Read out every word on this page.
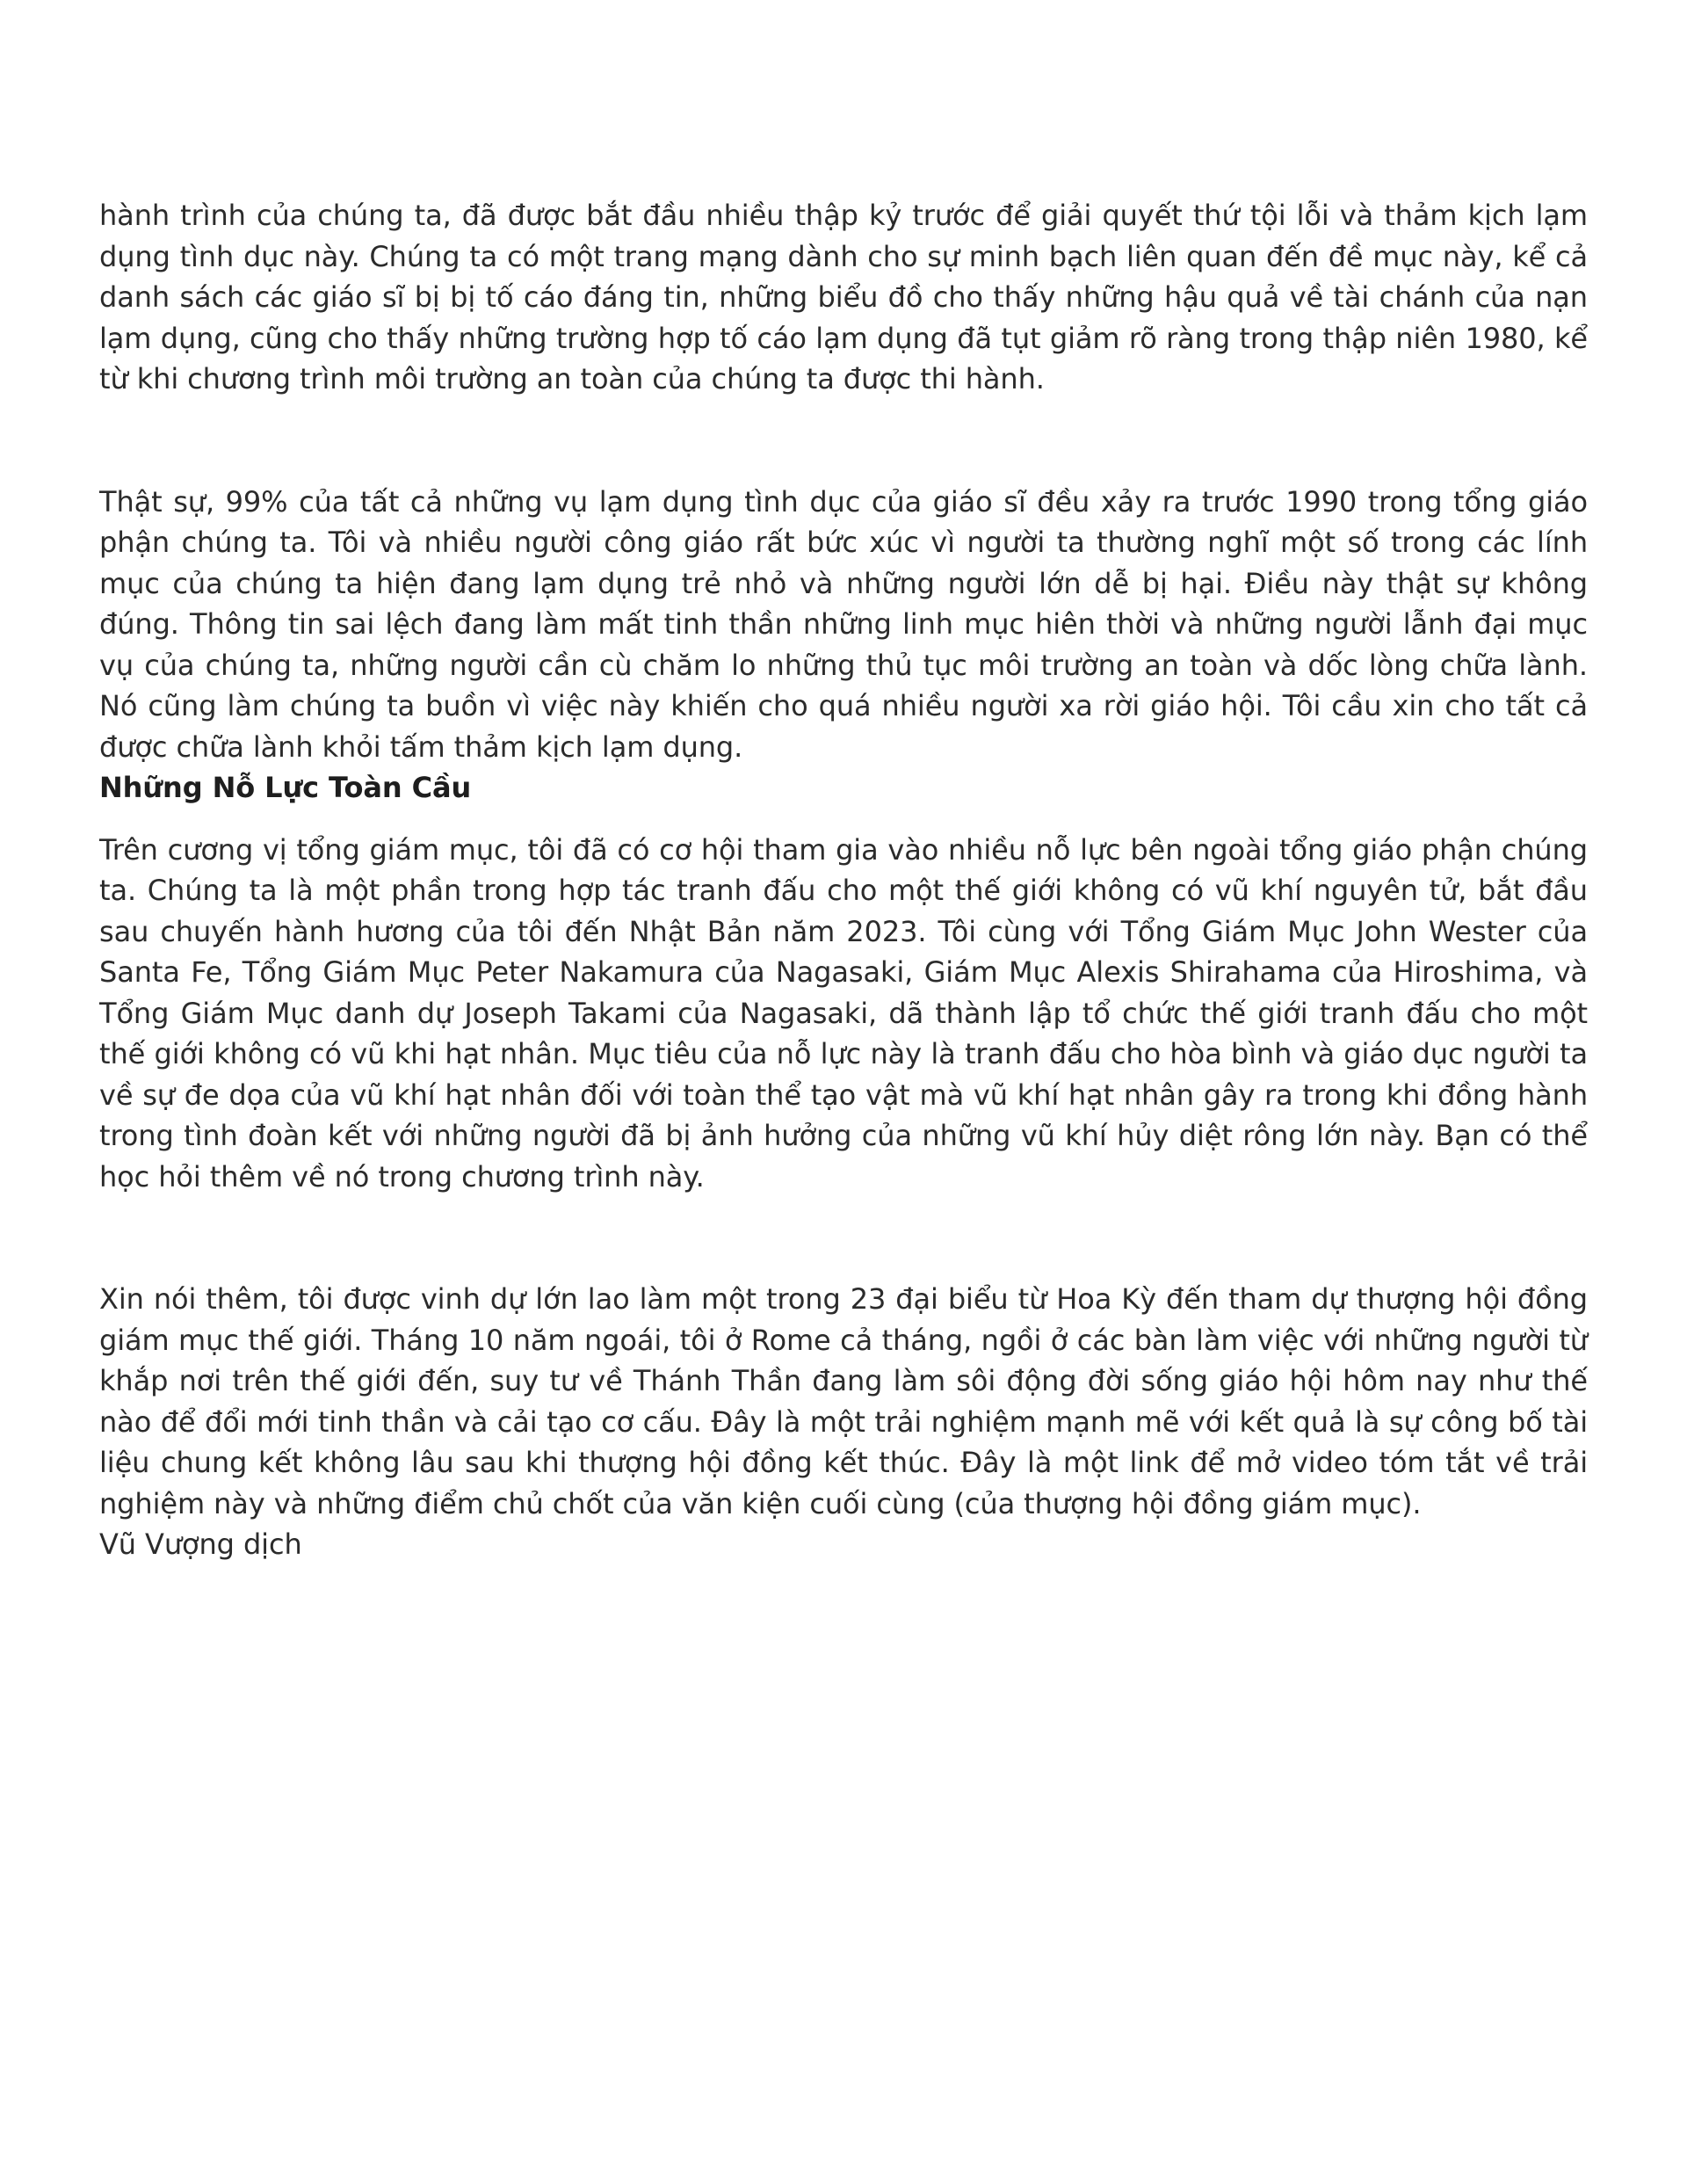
hành trình của chúng ta, đã được bắt đầu nhiều thập kỷ trước để giải quyết thứ tội lỗi và thảm kịch lạm dụng tình dục này. Chúng ta có một trang mạng dành cho sự minh bạch liên quan đến đề mục này, kể cả danh sách các giáo sĩ bị bị tố cáo đáng tin, những biểu đồ cho thấy những hậu quả về tài chánh của nạn lạm dụng, cũng cho thấy những trường hợp tố cáo lạm dụng đã tụt giảm rõ ràng trong thập niên 1980, kể từ khi chương trình môi trường an toàn của chúng ta được thi hành.

Thật sự, 99% của tất cả những vụ lạm dụng tình dục của giáo sĩ đều xảy ra trước 1990 trong tổng giáo phận chúng ta. Tôi và nhiều người công giáo rất bức xúc vì người ta thường nghĩ một số trong các lính mục của chúng ta hiện đang lạm dụng trẻ nhỏ và những người lớn dễ bị hại. Điều này thật sự không đúng. Thông tin sai lệch đang làm mất tinh thần những linh mục hiên thời và những người lẫnh đại mục vụ của chúng ta, những người cần cù chăm lo những thủ tục môi trường an toàn và dốc lòng chữa lành. Nó cũng làm chúng ta buồn vì việc này khiến cho quá nhiều người xa rời giáo hội. Tôi cầu xin cho tất cả được chữa lành khỏi tấm thảm kịch lạm dụng.

Những Nỗ Lực Toàn Cầu

Trên cương vị tổng giám mục, tôi đã có cơ hội tham gia vào nhiều nỗ lực bên ngoài tổng giáo phận chúng ta. Chúng ta là một phần trong hợp tác tranh đấu cho một thế giới không có vũ khí nguyên tử, bắt đầu sau chuyến hành hương của tôi đến Nhật Bản năm 2023. Tôi cùng với Tổng Giám Mục John Wester của Santa Fe, Tổng Giám Mục Peter Nakamura của Nagasaki, Giám Mục Alexis Shirahama của Hiroshima, và Tổng Giám Mục danh dự Joseph Takami của Nagasaki, dã thành lập tổ chức thế giới tranh đấu cho một thế giới không có vũ khi hạt nhân. Mục tiêu của nỗ lực này là tranh đấu cho hòa bình và giáo dục người ta về sự đe dọa của vũ khí hạt nhân đối với toàn thể tạo vật mà vũ khí hạt nhân gây ra trong khi đồng hành trong tình đoàn kết với những người đã bị ảnh hưởng của những vũ khí hủy diệt rông lớn này. Bạn có thể học hỏi thêm về nó trong chương trình này.

Xin nói thêm, tôi được vinh dự lớn lao làm một trong 23 đại biểu từ Hoa Kỳ đến tham dự thượng hội đồng giám mục thế giới. Tháng 10 năm ngoái, tôi ở Rome cả tháng, ngồi ở các bàn làm việc với những người từ khắp nơi trên thế giới đến, suy tư về Thánh Thần đang làm sôi động đời sống giáo hội hôm nay như thế nào để đổi mới tinh thần và cải tạo cơ cấu. Đây là một trải nghiệm mạnh mẽ với kết quả là sự công bố tài liệu chung kết không lâu sau khi thượng hội đồng kết thúc. Đây là một link để mở video tóm tắt về trải nghiệm này và những điểm chủ chốt của văn kiện cuối cùng (của thượng hội đồng giám mục).

Vũ Vượng dịch
